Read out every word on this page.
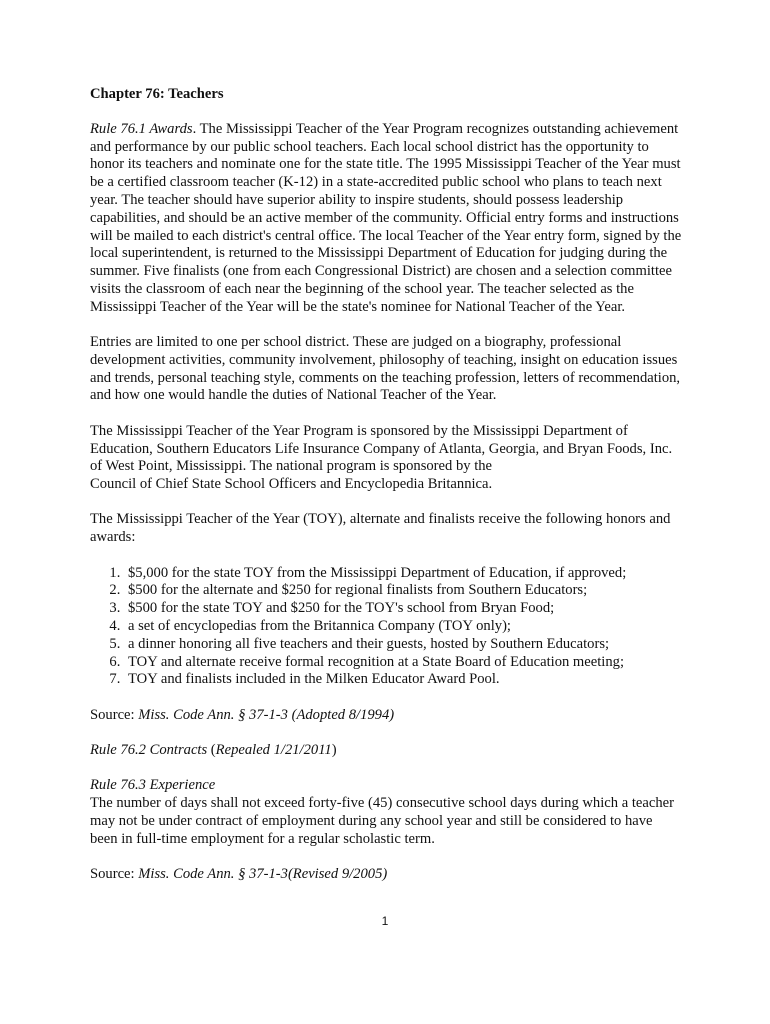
Chapter 76: Teachers

Rule 76.1 Awards. The Mississippi Teacher of the Year Program recognizes outstanding achievement and performance by our public school teachers. Each local school district has the opportunity to honor its teachers and nominate one for the state title. The 1995 Mississippi Teacher of the Year must be a certified classroom teacher (K-12) in a state-accredited public school who plans to teach next year. The teacher should have superior ability to inspire students, should possess leadership capabilities, and should be an active member of the community. Official entry forms and instructions will be mailed to each district's central office. The local Teacher of the Year entry form, signed by the local superintendent, is returned to the Mississippi Department of Education for judging during the summer. Five finalists (one from each Congressional District) are chosen and a selection committee visits the classroom of each near the beginning of the school year. The teacher selected as the Mississippi Teacher of the Year will be the state's nominee for National Teacher of the Year.

Entries are limited to one per school district. These are judged on a biography, professional development activities, community involvement, philosophy of teaching, insight on education issues and trends, personal teaching style, comments on the teaching profession, letters of recommendation, and how one would handle the duties of National Teacher of the Year.

The Mississippi Teacher of the Year Program is sponsored by the Mississippi Department of Education, Southern Educators Life Insurance Company of Atlanta, Georgia, and Bryan Foods, Inc. of West Point, Mississippi. The national program is sponsored by the
Council of Chief State School Officers and Encyclopedia Britannica.

The Mississippi Teacher of the Year (TOY), alternate and finalists receive the following honors and awards:

1. $5,000 for the state TOY from the Mississippi Department of Education, if approved;
2. $500 for the alternate and $250 for regional finalists from Southern Educators;
3. $500 for the state TOY and $250 for the TOY's school from Bryan Food;
4. a set of encyclopedias from the Britannica Company (TOY only);
5. a dinner honoring all five teachers and their guests, hosted by Southern Educators;
6. TOY and alternate receive formal recognition at a State Board of Education meeting;
7. TOY and finalists included in the Milken Educator Award Pool.

Source: Miss. Code Ann. § 37-1-3 (Adopted 8/1994)

Rule 76.2 Contracts (Repealed 1/21/2011)

Rule 76.3 Experience
The number of days shall not exceed forty-five (45) consecutive school days during which a teacher may not be under contract of employment during any school year and still be considered to have been in full-time employment for a regular scholastic term.

Source: Miss. Code Ann. § 37-1-3(Revised 9/2005)

1
